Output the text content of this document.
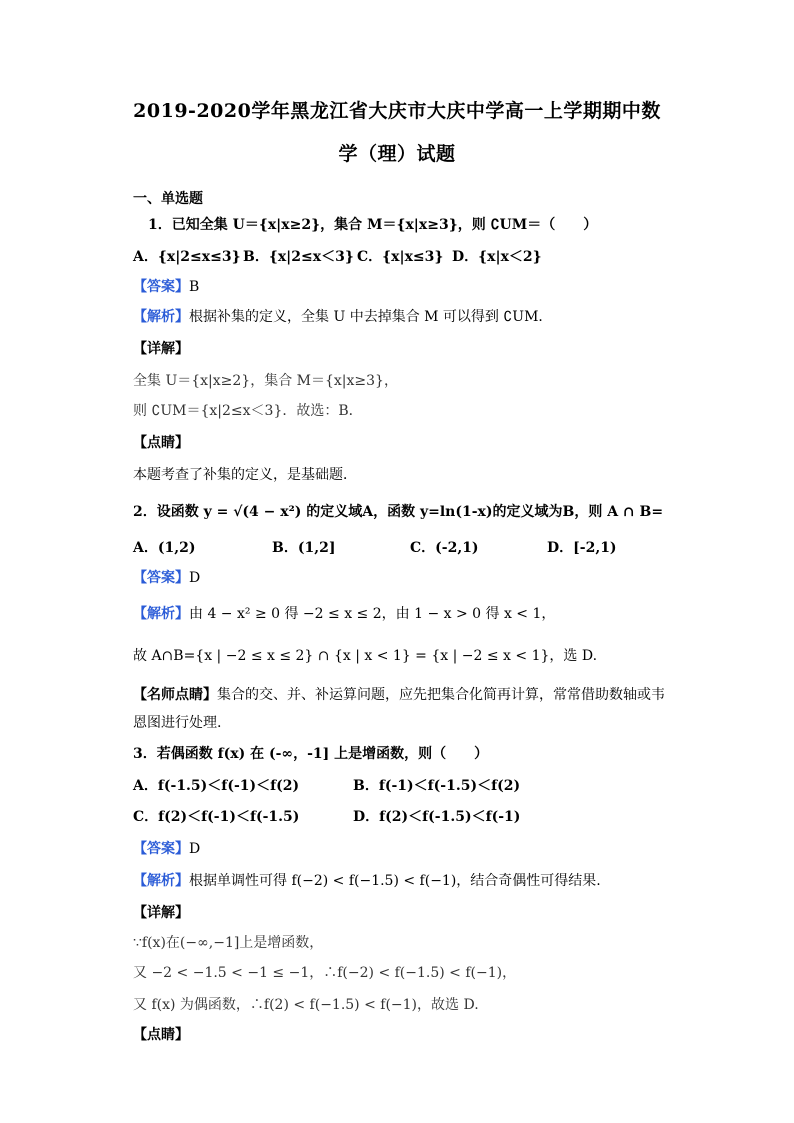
2019-2020学年黑龙江省大庆市大庆中学高一上学期期中数
学（理）试题
一、单选题
1．已知全集 U＝{x|x≥2}，集合 M＝{x|x≥3}，则 ∁UM＝（　　）
A．{x|2≤x≤3} B．{x|2≤x＜3} C．{x|x≤3} D．{x|x＜2}
【答案】B
【解析】根据补集的定义，全集 U 中去掉集合 M 可以得到 ∁UM．
【详解】
全集 U＝{x|x≥2}，集合 M＝{x|x≥3}，
则 ∁UM＝{x|2≤x＜3}．故选：B．
【点睛】
本题考查了补集的定义，是基础题．
2．设函数 y = √(4 − x²) 的定义域A，函数 y=ln(1-x)的定义域为B，则 A ∩ B=
A．(1,2)	B．(1,2]	C．(-2,1)	D．[-2,1)
【答案】D
【解析】由 4 − x² ≥ 0 得 −2 ≤ x ≤ 2，由 1 − x > 0 得 x < 1，
故 A∩B={x | −2 ≤ x ≤ 2} ∩ {x | x < 1} = {x | −2 ≤ x < 1}，选 D.
【名师点睛】集合的交、并、补运算问题，应先把集合化简再计算，常常借助数轴或韦
恩图进行处理.
3．若偶函数 f(x) 在 (-∞，-1] 上是增函数，则（　　）
A．f(-1.5)＜f(-1)＜f(2)	B．f(-1)＜f(-1.5)＜f(2)
C．f(2)＜f(-1)＜f(-1.5)	D．f(2)＜f(-1.5)＜f(-1)
【答案】D
【解析】根据单调性可得 f(−2) < f(−1.5) < f(−1)，结合奇偶性可得结果.
【详解】
∵f(x)在(−∞,−1]上是增函数，
又 −2 < −1.5 < −1 ≤ −1，∴f(−2) < f(−1.5) < f(−1)，
又 f(x) 为偶函数，∴f(2) < f(−1.5) < f(−1)，故选 D.
【点睛】
